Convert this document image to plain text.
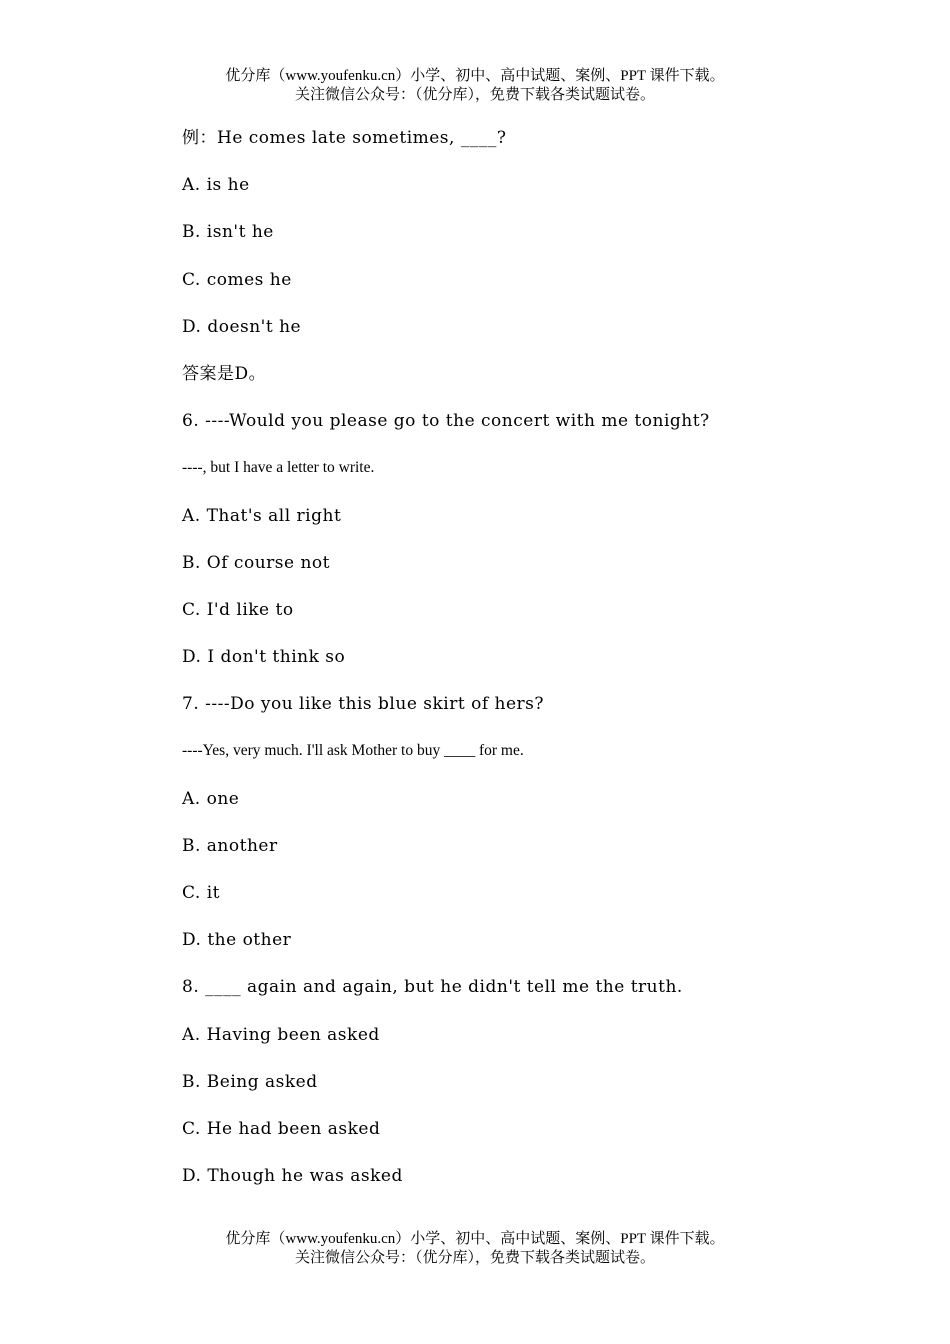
优分库（www.youfenku.cn）小学、初中、高中试题、案例、PPT 课件下载。
关注微信公众号：（优分库），免费下载各类试题试卷。
例：He comes late sometimes, ____?
A. is he
B. isn't he
C. comes he
D. doesn't he
答案是D。
6. ----Would you please go to the concert with me tonight?
----, but I have a letter to write.
A. That's all right
B. Of course not
C. I'd like to
D. I don't think so
7. ----Do you like this blue skirt of hers?
----Yes, very much. I'll ask Mother to buy ____ for me.
A. one
B. another
C. it
D. the other
8. ____ again and again, but he didn't tell me the truth.
A. Having been asked
B. Being asked
C. He had been asked
D. Though he was asked
优分库（www.youfenku.cn）小学、初中、高中试题、案例、PPT 课件下载。
关注微信公众号：（优分库），免费下载各类试题试卷。
